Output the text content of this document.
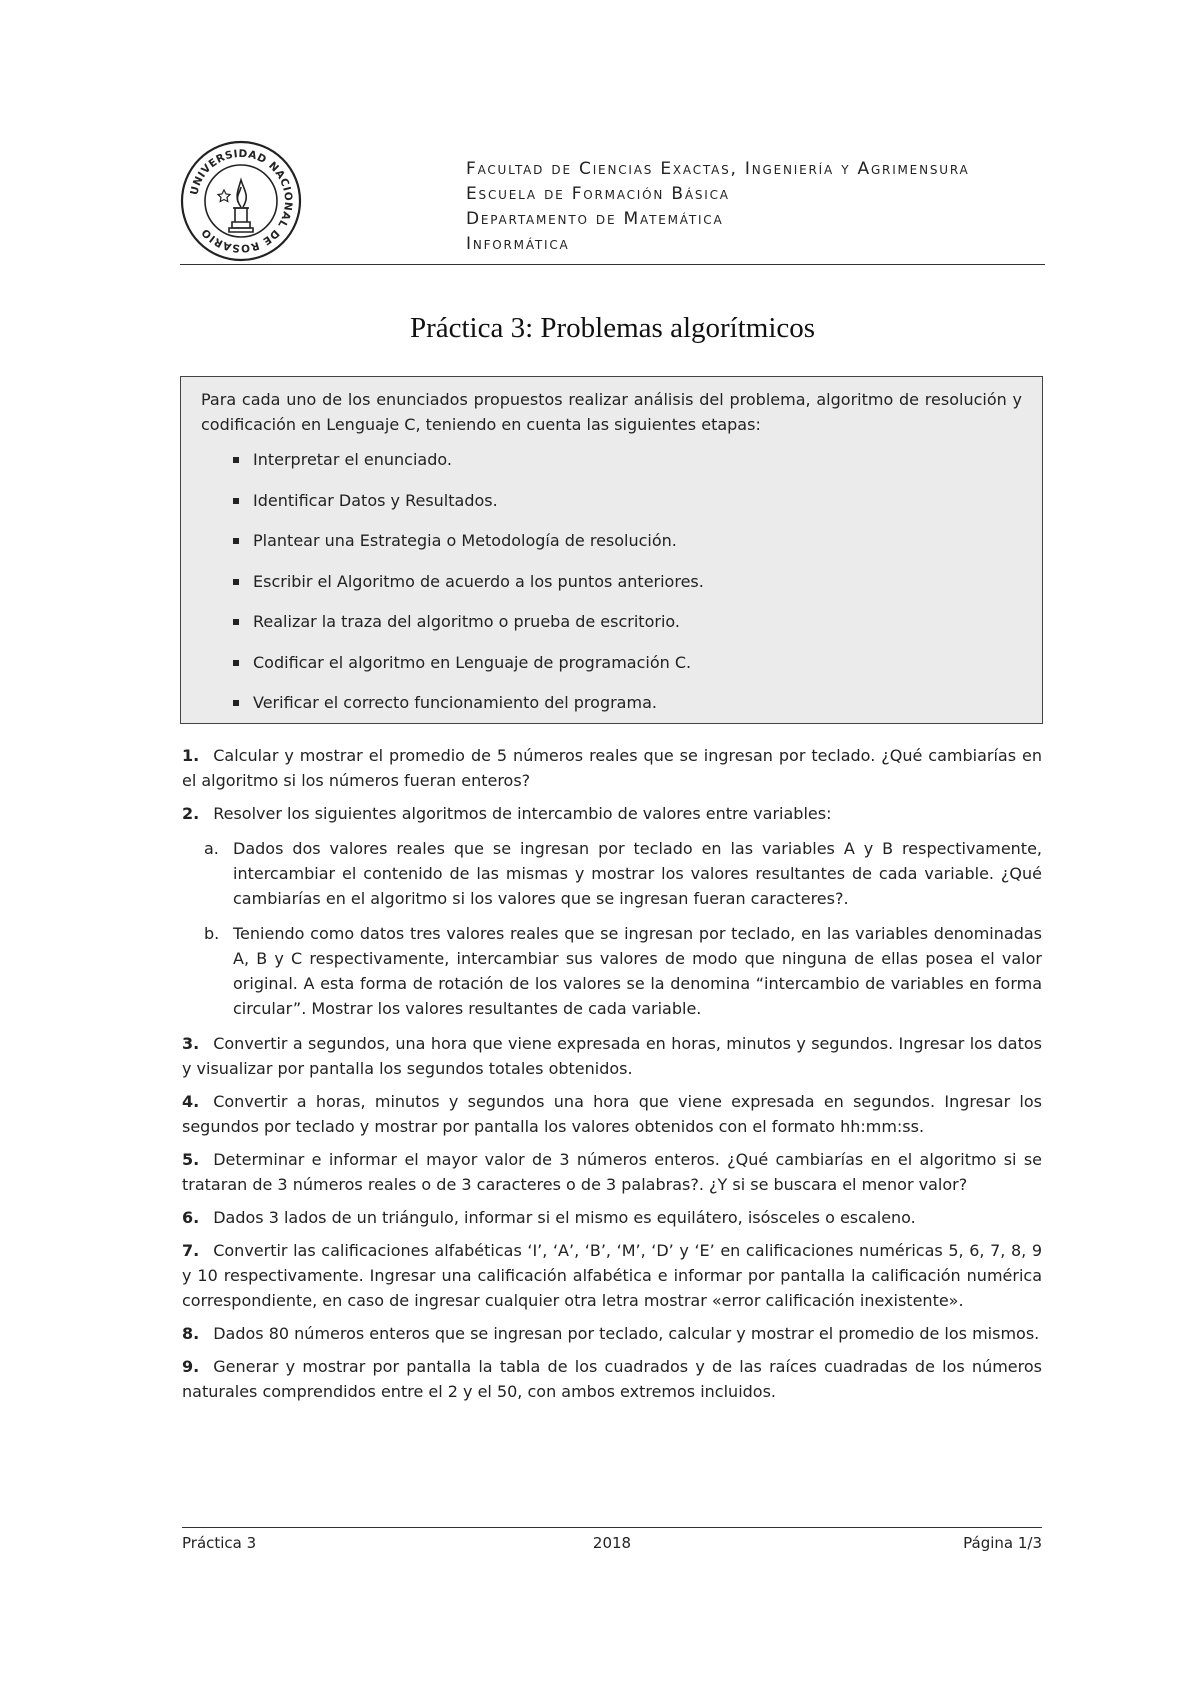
UNIVERSIDAD NACIONAL DE ROSARIO
Facultad de Ciencias Exactas, Ingeniería y Agrimensura
Escuela de Formación Básica
Departamento de Matemática
Informática
Práctica 3: Problemas algorítmicos
Para cada uno de los enunciados propuestos realizar análisis del problema, algoritmo de resolución y codificación en Lenguaje C, teniendo en cuenta las siguientes etapas:
Interpretar el enunciado.
Identificar Datos y Resultados.
Plantear una Estrategia o Metodología de resolución.
Escribir el Algoritmo de acuerdo a los puntos anteriores.
Realizar la traza del algoritmo o prueba de escritorio.
Codificar el algoritmo en Lenguaje de programación C.
Verificar el correcto funcionamiento del programa.
1. Calcular y mostrar el promedio de 5 números reales que se ingresan por teclado. ¿Qué cambiarías en el algoritmo si los números fueran enteros?
2. Resolver los siguientes algoritmos de intercambio de valores entre variables:
a. Dados dos valores reales que se ingresan por teclado en las variables A y B respectivamente, intercambiar el contenido de las mismas y mostrar los valores resultantes de cada variable. ¿Qué cambiarías en el algoritmo si los valores que se ingresan fueran caracteres?.
b. Teniendo como datos tres valores reales que se ingresan por teclado, en las variables denominadas A, B y C respectivamente, intercambiar sus valores de modo que ninguna de ellas posea el valor original. A esta forma de rotación de los valores se la denomina “intercambio de variables en forma circular”. Mostrar los valores resultantes de cada variable.
3. Convertir a segundos, una hora que viene expresada en horas, minutos y segundos. Ingresar los datos y visualizar por pantalla los segundos totales obtenidos.
4. Convertir a horas, minutos y segundos una hora que viene expresada en segundos. Ingresar los segundos por teclado y mostrar por pantalla los valores obtenidos con el formato hh:mm:ss.
5. Determinar e informar el mayor valor de 3 números enteros. ¿Qué cambiarías en el algoritmo si se trataran de 3 números reales o de 3 caracteres o de 3 palabras?. ¿Y si se buscara el menor valor?
6. Dados 3 lados de un triángulo, informar si el mismo es equilátero, isósceles o escaleno.
7. Convertir las calificaciones alfabéticas ‘I’, ‘A’, ‘B’, ‘M’, ‘D’ y ‘E’ en calificaciones numéricas 5, 6, 7, 8, 9 y 10 respectivamente. Ingresar una calificación alfabética e informar por pantalla la calificación numérica correspondiente, en caso de ingresar cualquier otra letra mostrar «error calificación inexistente».
8. Dados 80 números enteros que se ingresan por teclado, calcular y mostrar el promedio de los mismos.
9. Generar y mostrar por pantalla la tabla de los cuadrados y de las raíces cuadradas de los números naturales comprendidos entre el 2 y el 50, con ambos extremos incluidos.
Práctica 3	2018	Página 1/3
